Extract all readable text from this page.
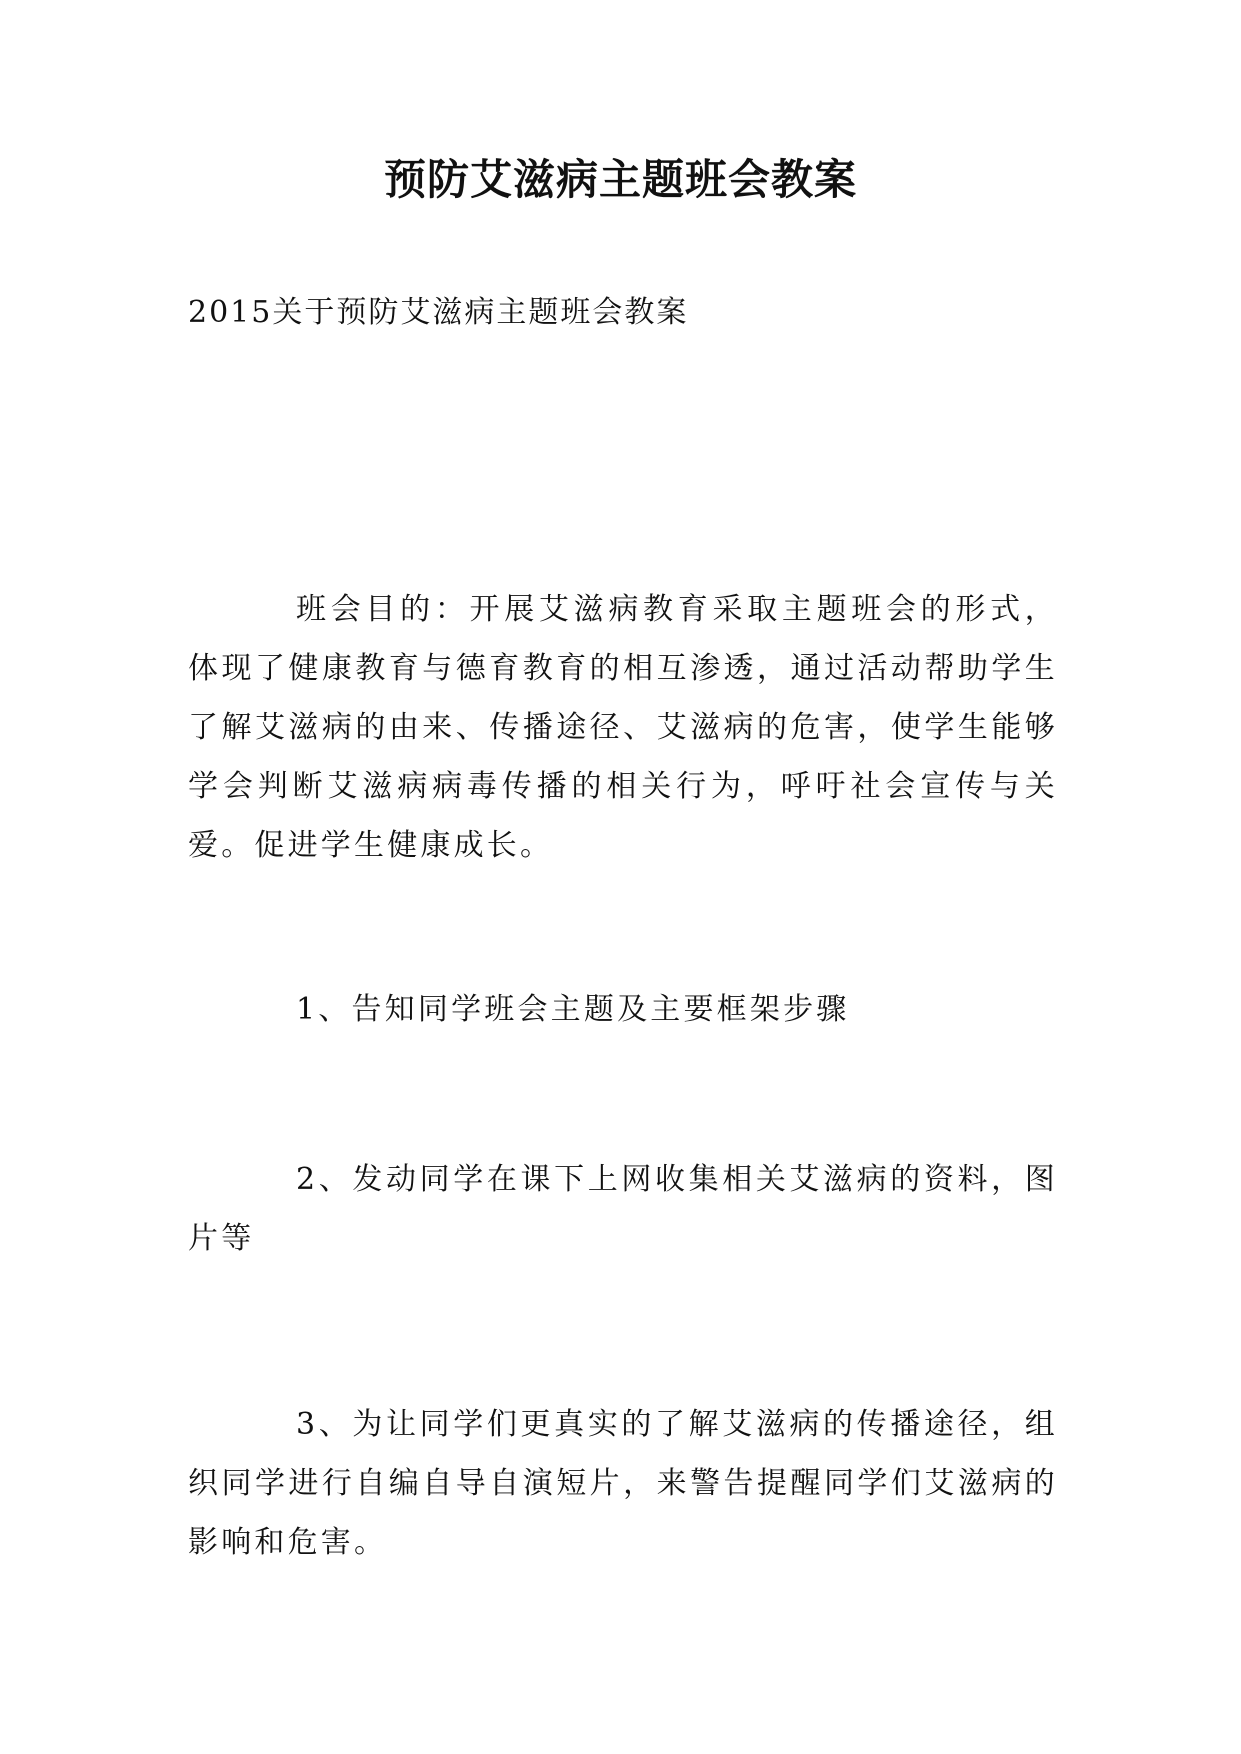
预防艾滋病主题班会教案

2015关于预防艾滋病主题班会教案

班会目的：开展艾滋病教育采取主题班会的形式，体现了健康教育与德育教育的相互渗透，通过活动帮助学生了解艾滋病的由来、传播途径、艾滋病的危害，使学生能够学会判断艾滋病病毒传播的相关行为，呼吁社会宣传与关爱。促进学生健康成长。

1、告知同学班会主题及主要框架步骤

2、发动同学在课下上网收集相关艾滋病的资料，图片等

3、为让同学们更真实的了解艾滋病的传播途径，组织同学进行自编自导自演短片，来警告提醒同学们艾滋病的影响和危害。
